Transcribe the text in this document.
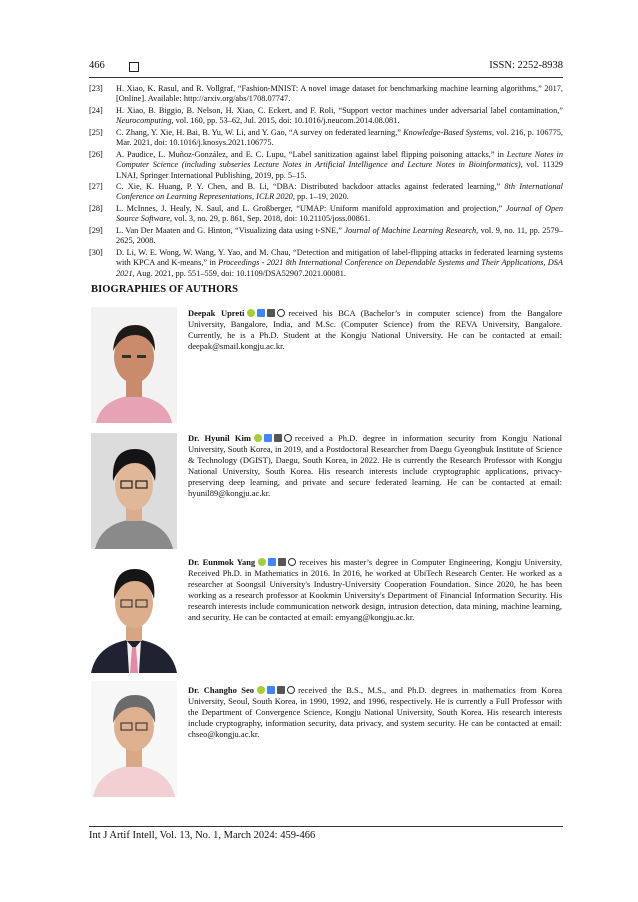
466	ISSN: 2252-8938
[23] H. Xiao, K. Rasul, and R. Vollgraf, “Fashion-MNIST: A novel image dataset for benchmarking machine learning algorithms,” 2017, [Online]. Available: http://arxiv.org/abs/1708.07747.
[24] H. Xiao, B. Biggio, B. Nelson, H. Xiao, C. Eckert, and F. Roli, “Support vector machines under adversarial label contamination,” Neurocomputing, vol. 160, pp. 53–62, Jul. 2015, doi: 10.1016/j.neucom.2014.08.081.
[25] C. Zhang, Y. Xie, H. Bai, B. Yu, W. Li, and Y. Gao, “A survey on federated learning,” Knowledge-Based Systems, vol. 216, p. 106775, Mar. 2021, doi: 10.1016/j.knosys.2021.106775.
[26] A. Paudice, L. Muñoz-González, and E. C. Lupu, “Label sanitization against label flipping poisoning attacks,” in Lecture Notes in Computer Science (including subseries Lecture Notes in Artificial Intelligence and Lecture Notes in Bioinformatics), vol. 11329 LNAI, Springer International Publishing, 2019, pp. 5–15.
[27] C. Xie, K. Huang, P. Y. Chen, and B. Li, “DBA: Distributed backdoor attacks against federated learning,” 8th International Conference on Learning Representations, ICLR 2020, pp. 1–19, 2020.
[28] L. McInnes, J. Healy, N. Saul, and L. Großberger, “UMAP: Uniform manifold approximation and projection,” Journal of Open Source Software, vol. 3, no. 29, p. 861, Sep. 2018, doi: 10.21105/joss.00861.
[29] L. Van Der Maaten and G. Hinton, “Visualizing data using t-SNE,” Journal of Machine Learning Research, vol. 9, no. 11, pp. 2579–2625, 2008.
[30] D. Li, W. E. Wong, W. Wang, Y. Yao, and M. Chau, “Detection and mitigation of label-flipping attacks in federated learning systems with KPCA and K-means,” in Proceedings - 2021 8th International Conference on Dependable Systems and Their Applications, DSA 2021, Aug. 2021, pp. 551–559, doi: 10.1109/DSA52907.2021.00081.
BIOGRAPHIES OF AUTHORS
Deepak Upreti	received his BCA (Bachelor’s in computer science) from the Bangalore University, Bangalore, India, and M.Sc. (Computer Science) from the REVA University, Bangalore. Currently, he is a Ph.D. Student at the Kongju National University. He can be contacted at email: deepak@smail.kongju.ac.kr.
Dr. Hyunil Kim	received a Ph.D. degree in information security from Kongju National University, South Korea, in 2019, and a Postdoctoral Researcher from Daegu Gyeongbuk Institute of Science & Technology (DGIST), Daegu, South Korea, in 2022. He is currently the Research Professor with Kongju National University, South Korea. His research interests include cryptographic applications, privacy-preserving deep learning, and private and secure federated learning. He can be contacted at email: hyunil89@kongju.ac.kr.
Dr. Eunmok Yang	receives his master’s degree in Computer Engineering, Kongju University, Received Ph.D. in Mathematics in 2016. In 2016, he worked at UbiTech Research Center. He worked as a researcher at Soongsil University's Industry-University Cooperation Foundation. Since 2020, he has been working as a research professor at Kookmin University's Department of Financial Information Security. His research interests include communication network design, intrusion detection, data mining, machine learning, and security. He can be contacted at email: emyang@kongju.ac.kr.
Dr. Changho Seo	received the B.S., M.S., and Ph.D. degrees in mathematics from Korea University, Seoul, South Korea, in 1990, 1992, and 1996, respectively. He is currently a Full Professor with the Department of Convergence Science, Kongju National University, South Korea. His research interests include cryptography, information security, data privacy, and system security. He can be contacted at email: chseo@kongju.ac.kr.
Int J Artif Intell, Vol. 13, No. 1, March 2024: 459-466
